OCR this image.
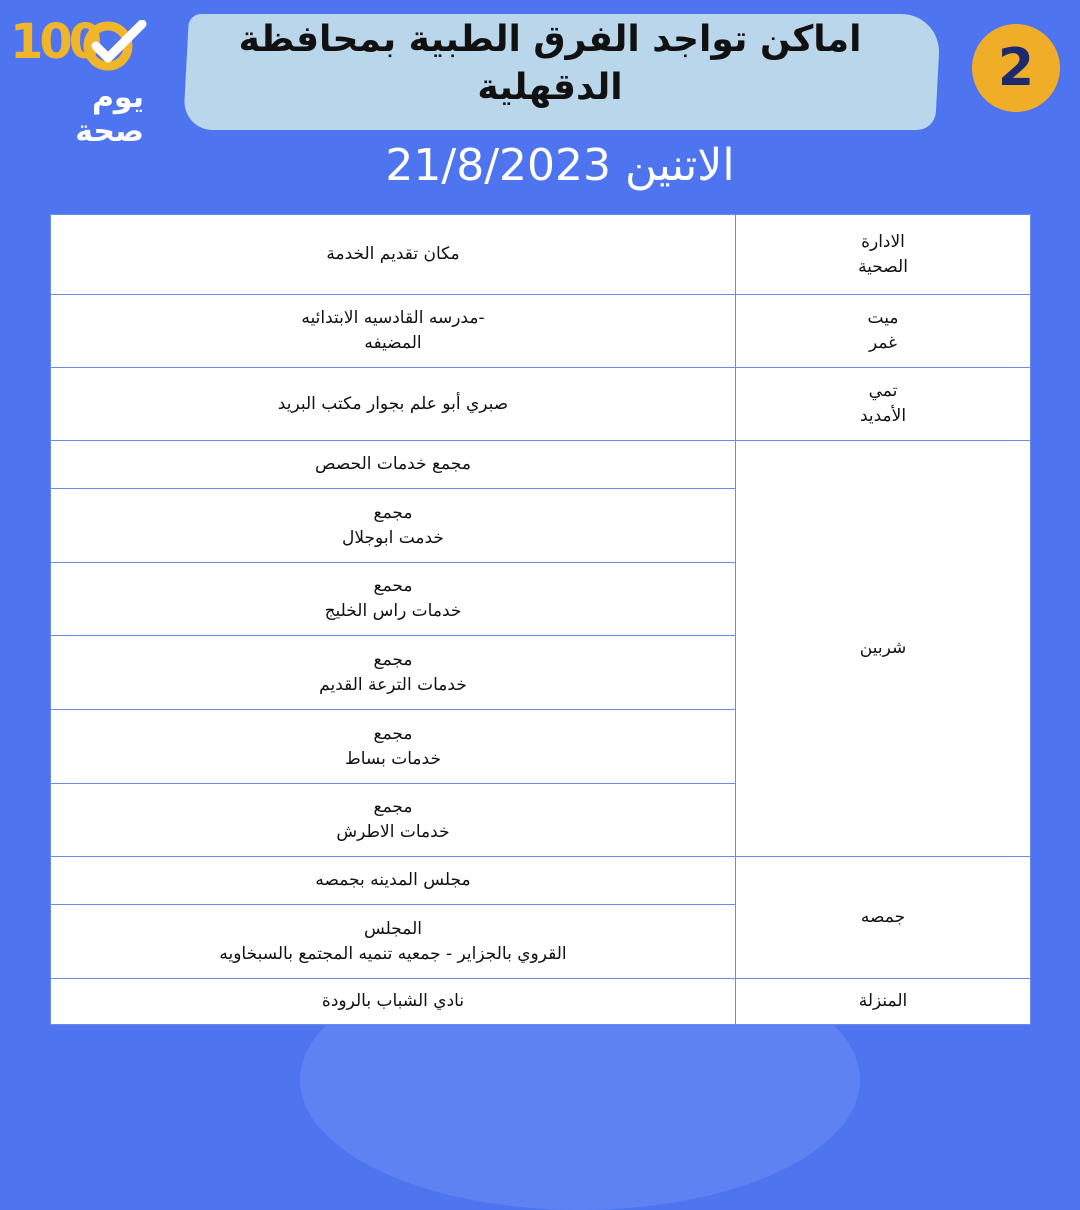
100
يوم
صحة
اماكن تواجد الفرق الطبية بمحافظة الدقهلية	2
الاتنين 21/8/2023
الادارة
الصحية	مكان تقديم الخدمة
ميت
غمر	-مدرسه القادسيه الابتدائيه
المضيفه
تمي
الأمديد	صبري أبو علم بجوار مكتب البريد
شربين	مجمع خدمات الحصص
	مجمع
خدمت ابوجلال
	محمع
خدمات راس الخليج
	مجمع
خدمات الترعة القديم
	مجمع
خدمات بساط
	مجمع
خدمات الاطرش
جمصه	مجلس المدينه بجمصه
	المجلس
القروي بالجزاير - جمعيه تنميه المجتمع بالسبخاويه
المنزلة	نادي الشباب بالرودة
